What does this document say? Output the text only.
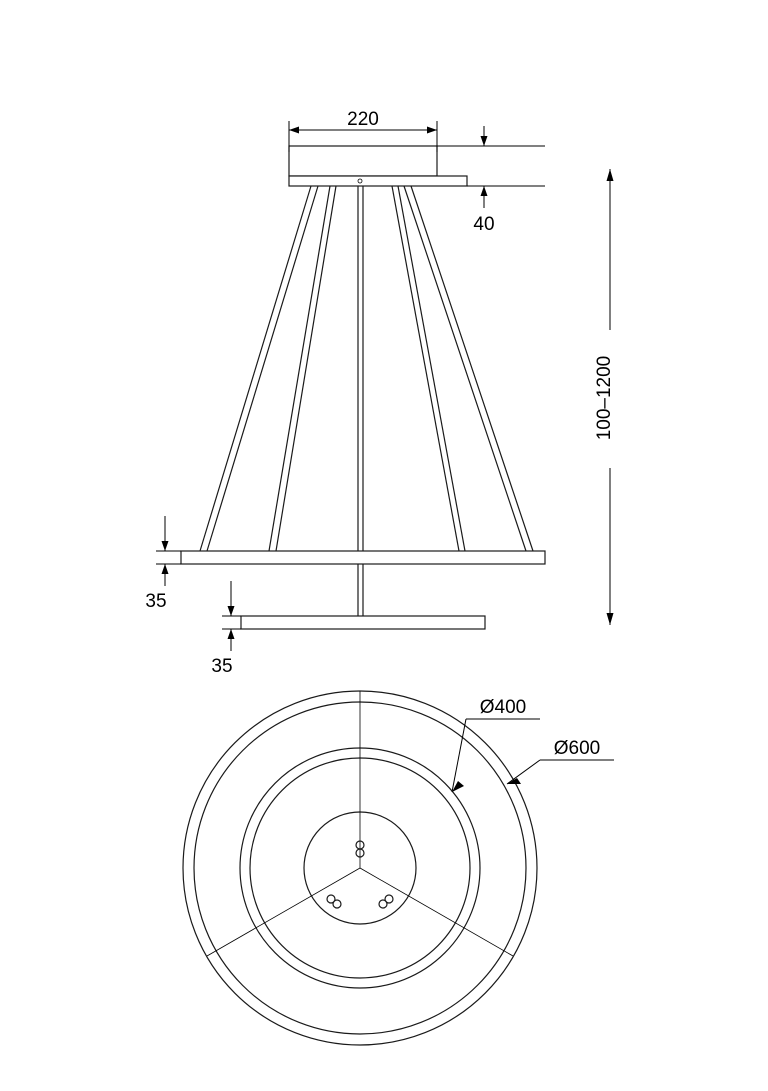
220
40
100–1200
35
35
Ø400
Ø600
